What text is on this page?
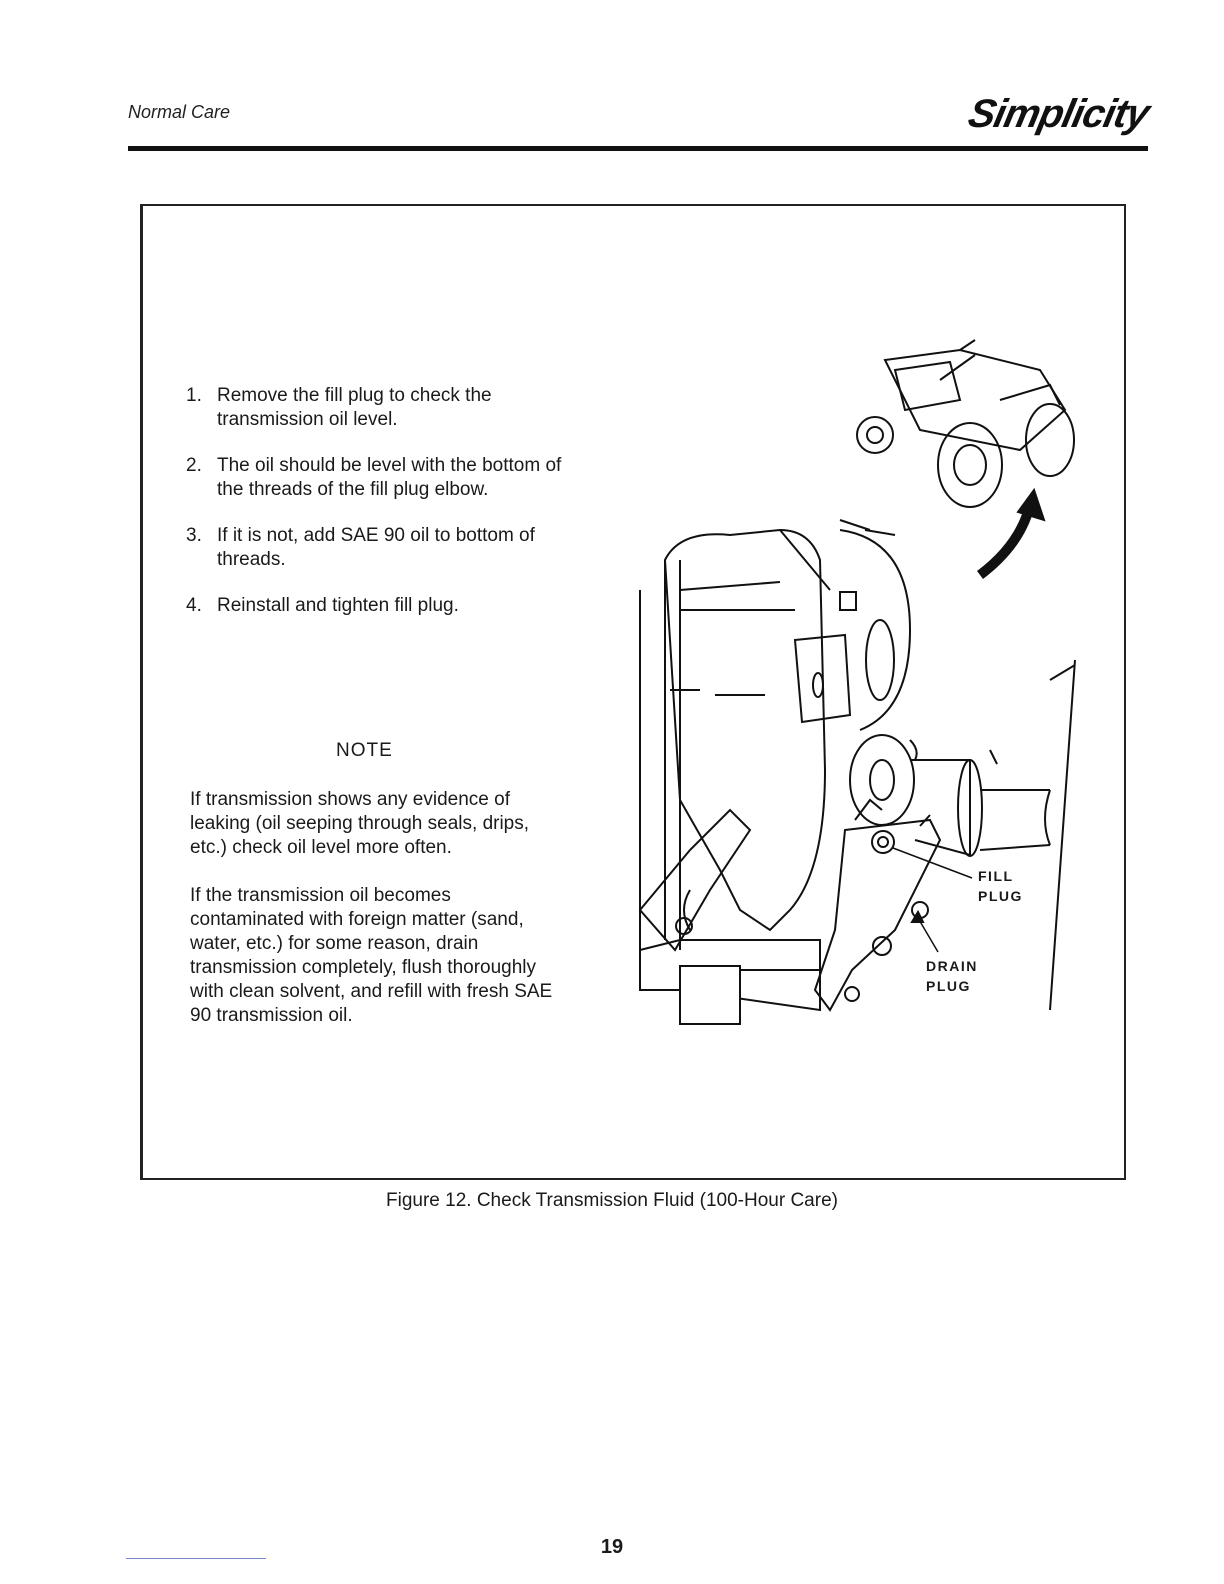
Normal Care	Simplicity
1. Remove the fill plug to check the transmission oil level.
2. The oil should be level with the bottom of the threads of the fill plug elbow.
3. If it is not, add SAE 90 oil to bottom of threads.
4. Reinstall and tighten fill plug.
NOTE

If transmission shows any evidence of leaking (oil seeping through seals, drips, etc.) check oil level more often.

If the transmission oil becomes contaminated with foreign matter (sand, water, etc.) for some reason, drain transmission completely, flush thoroughly with clean solvent, and refill with fresh SAE 90 transmission oil.

FILL
PLUG
DRAIN
PLUG
Figure 12. Check Transmission Fluid (100-Hour Care)
19
